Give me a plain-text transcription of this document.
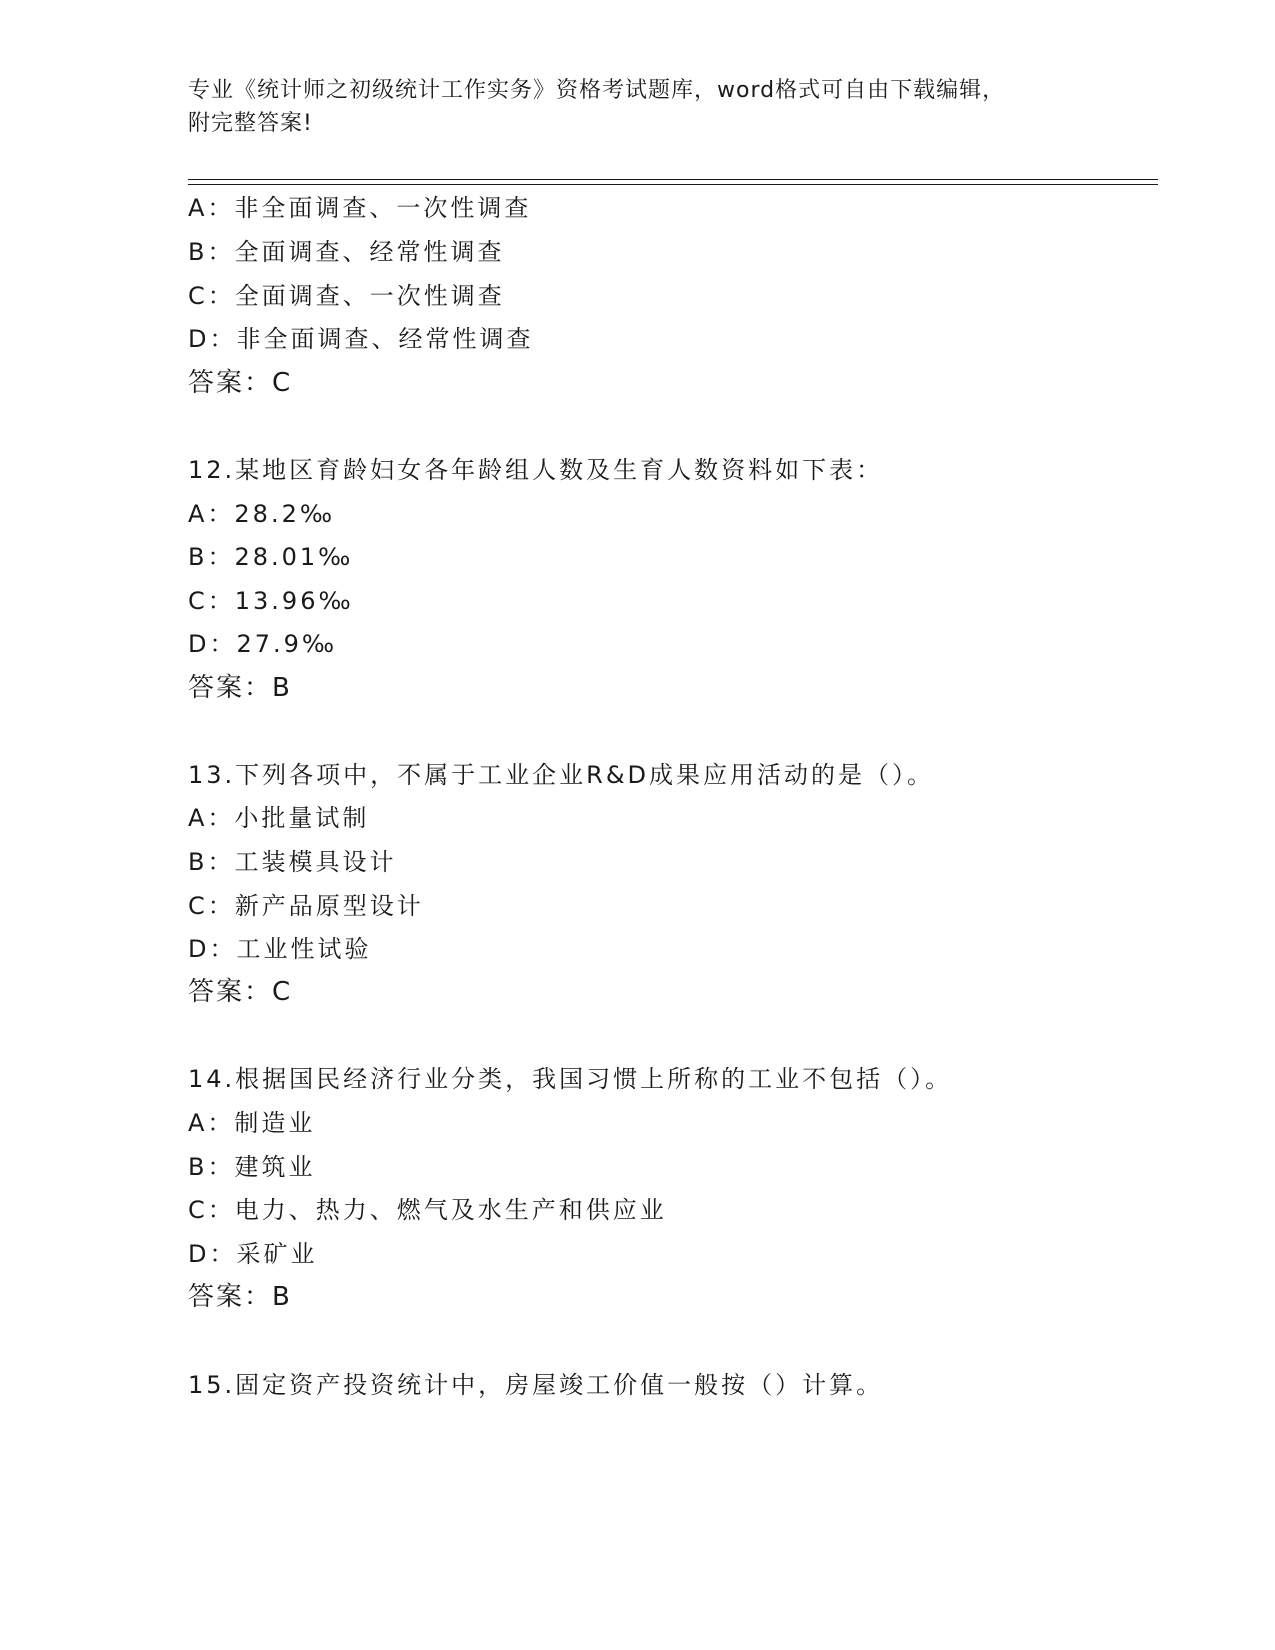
专业《统计师之初级统计工作实务》资格考试题库，word格式可自由下载编辑，
附完整答案!
A：非全面调查、一次性调查
B：全面调查、经常性调查
C：全面调查、一次性调查
D：非全面调查、经常性调查
答案：C
12.某地区育龄妇女各年龄组人数及生育人数资料如下表：
A：28.2‰
B：28.01‰
C：13.96‰
D：27.9‰
答案：B
13.下列各项中，不属于工业企业R&D成果应用活动的是（）。
A：小批量试制
B：工装模具设计
C：新产品原型设计
D：工业性试验
答案：C
14.根据国民经济行业分类，我国习惯上所称的工业不包括（）。
A：制造业
B：建筑业
C：电力、热力、燃气及水生产和供应业
D：采矿业
答案：B
15.固定资产投资统计中，房屋竣工价值一般按（）计算。
